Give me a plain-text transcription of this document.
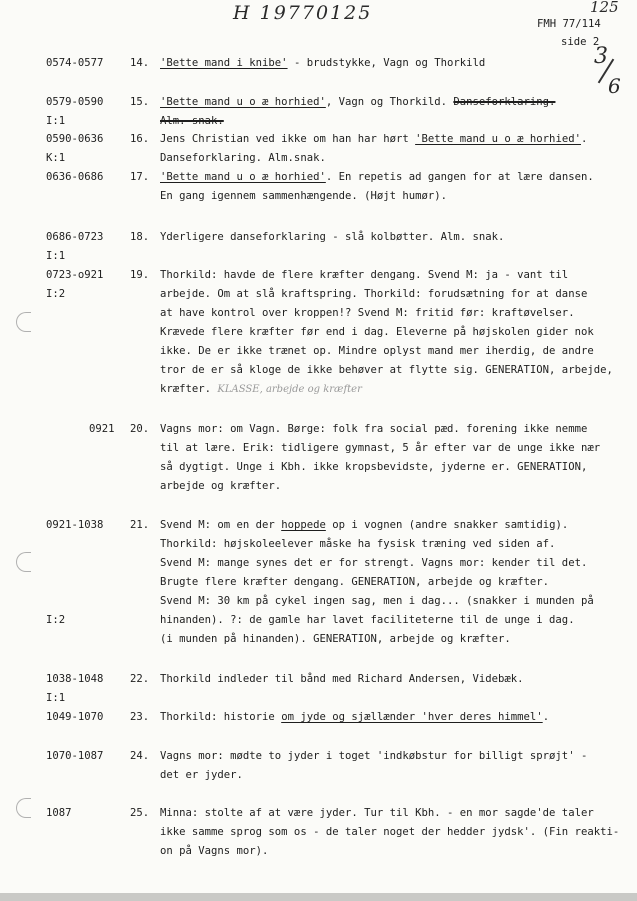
H 19770125	125
FMH 77/114
side 2
3
6
0574-0577	14. 'Bette mand i knibe' - brudstykke, Vagn og Thorkild
0579-0590	15. 'Bette mand u o æ horhied', Vagn og Thorkild. Danseforklaring.
Alm. snak.
I:1
0590-0636	16. Jens Christian ved ikke om han har hørt 'Bette mand u o æ horhied'.
Danseforklaring. Alm.snak.
K:1
0636-0686	17. 'Bette mand u o æ horhied'. En repetis ad gangen for at lære dansen.
En gang igennem sammenhængende. (Højt humør).
0686-0723	18. Yderligere danseforklaring - slå kolbøtter. Alm. snak.
I:1
0723-o921	19. Thorkild: havde de flere kræfter dengang. Svend M: ja - vant til
arbejde. Om at slå kraftspring. Thorkild: forudsætning for at danse
at have kontrol over kroppen!? Svend M: fritid før: kraftøvelser.
Krævede flere kræfter før end i dag. Eleverne på højskolen gider nok
ikke. De er ikke trænet op. Mindre oplyst mand mer iherdig, de andre
tror de er så kloge de ikke behøver at flytte sig. GENERATION, arbejde,
kræfter. KLASSE, arbejde og kræfter
I:2
0921 20. Vagns mor: om Vagn. Børge: folk fra social pæd. forening ikke nemme
til at lære. Erik: tidligere gymnast, 5 år efter var de unge ikke nær
så dygtigt. Unge i Kbh. ikke kropsbevidste, jyderne er. GENERATION,
arbejde og kræfter.
0921-1038	21. Svend M: om en der hoppede op i vognen (andre snakker samtidig).
Thorkild: højskoleelever måske ha fysisk træning ved siden af.
Svend M: mange synes det er for strengt. Vagns mor: kender til det.
Brugte flere kræfter dengang. GENERATION, arbejde og kræfter.
Svend M: 30 km på cykel ingen sag, men i dag... (snakker i munden på
hinanden). ?: de gamle har lavet faciliteterne til de unge i dag.
(i munden på hinanden). GENERATION, arbejde og kræfter.
I:2
1038-1048	22. Thorkild indleder til bånd med Richard Andersen, Videbæk.
I:1
1049-1070	23. Thorkild: historie om jyde og sjællænder 'hver deres himmel'.
1070-1087	24. Vagns mor: mødte to jyder i toget 'indkøbstur for billigt sprøjt' -
det er jyder.
1087	25. Minna: stolte af at være jyder. Tur til Kbh. - en mor sagde'de taler
ikke samme sprog som os - de taler noget der hedder jydsk'. (Fin reakti-
on på Vagns mor).
